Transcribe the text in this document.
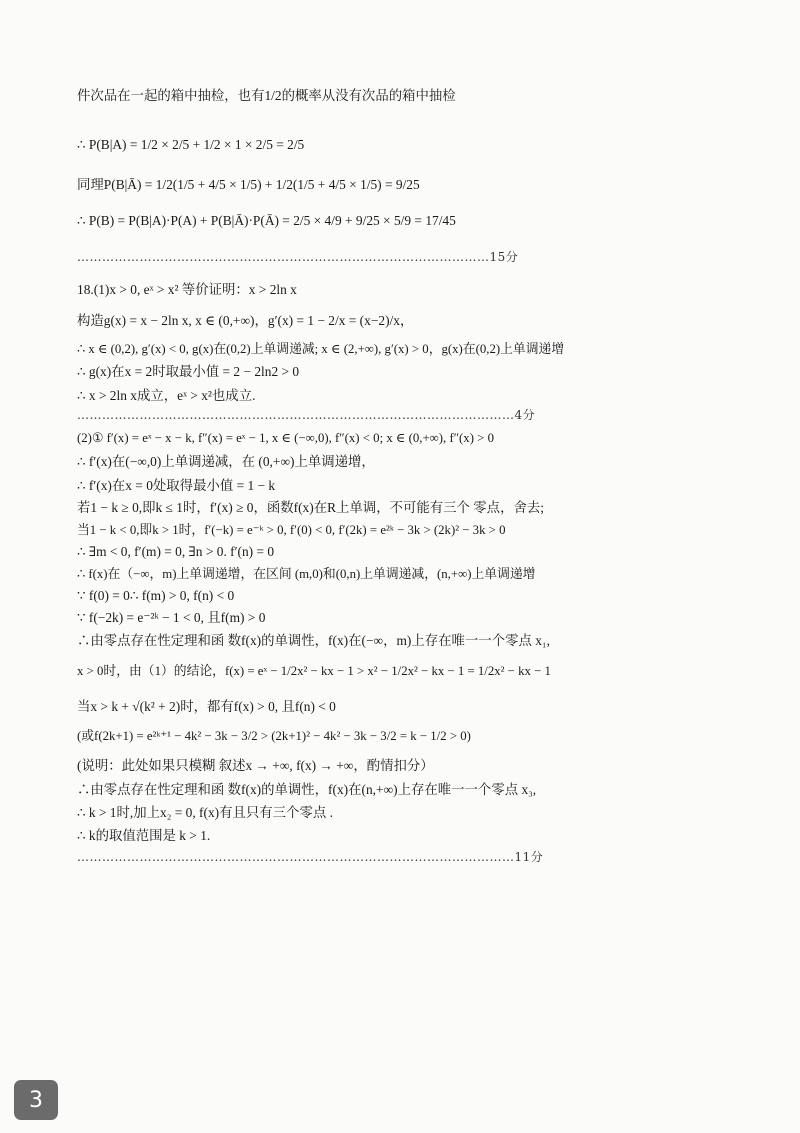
件次品在一起的箱中抽检，也有1/2的概率从没有次品的箱中抽检
∴ P(B|A) = 1/2 × 2/5 + 1/2 × 1 × 2/5 = 2/5
同理P(B|Ā) = 1/2(1/5 + 4/5 × 1/5) + 1/2(1/5 + 4/5 × 1/5) = 9/25
∴ P(B) = P(B|A)·P(A) + P(B|Ā)·P(Ā) = 2/5 × 4/9 + 9/25 × 5/9 = 17/45
………………………………………………………………………………………15分
18.(1)x > 0, eˣ > x² 等价证明：x > 2ln x
构造g(x) = x − 2ln x, x ∈ (0,+∞)，g′(x) = 1 − 2/x = (x−2)/x，
∴ x ∈ (0,2), g′(x) < 0, g(x)在(0,2)上单调递减; x ∈ (2,+∞), g′(x) > 0，g(x)在(0,2)上单调递增
∴ g(x)在x = 2时取最小值 = 2 − 2ln2 > 0
∴ x > 2ln x成立，eˣ > x²也成立.
……………………………………………………………………………………………4分
(2)① f′(x) = eˣ − x − k, f″(x) = eˣ − 1, x ∈ (−∞,0), f″(x) < 0; x ∈ (0,+∞), f″(x) > 0
∴ f′(x)在(−∞,0)上单调递减，在 (0,+∞)上单调递增，
∴ f′(x)在x = 0处取得最小值 = 1 − k
若1 − k ≥ 0,即k ≤ 1时，f′(x) ≥ 0，函数f(x)在R上单调，不可能有三个 零点，舍去;
当1 − k < 0,即k > 1时，f′(−k) = e⁻ᵏ > 0, f′(0) < 0, f′(2k) = e²ᵏ − 3k > (2k)² − 3k > 0
∴ ∃m < 0, f′(m) = 0, ∃n > 0. f′(n) = 0
∴ f(x)在（−∞，m)上单调递增，在区间 (m,0)和(0,n)上单调递减，(n,+∞)上单调递增
∵ f(0) = 0∴ f(m) > 0, f(n) < 0
∵ f(−2k) = e⁻²ᵏ − 1 < 0, 且f(m) > 0
∴由零点存在性定理和函 数f(x)的单调性，f(x)在(−∞，m)上存在唯一一个零点 x₁,
x > 0时，由（1）的结论，f(x) = eˣ − 1/2x² − kx − 1 > x² − 1/2x² − kx − 1 = 1/2x² − kx − 1
当x > k + √(k² + 2)时，都有f(x) > 0, 且f(n) < 0
(或f(2k+1) = e²ᵏ⁺¹ − 4k² − 3k − 3/2 > (2k+1)² − 4k² − 3k − 3/2 = k − 1/2 > 0)
(说明：此处如果只模糊 叙述x → +∞, f(x) → +∞，酌情扣分）
∴由零点存在性定理和函 数f(x)的单调性，f(x)在(n,+∞)上存在唯一一个零点 x₃,
∴ k > 1时,加上x₂ = 0, f(x)有且只有三个零点 .
∴ k的取值范围是 k > 1.
……………………………………………………………………………………………11分
3
